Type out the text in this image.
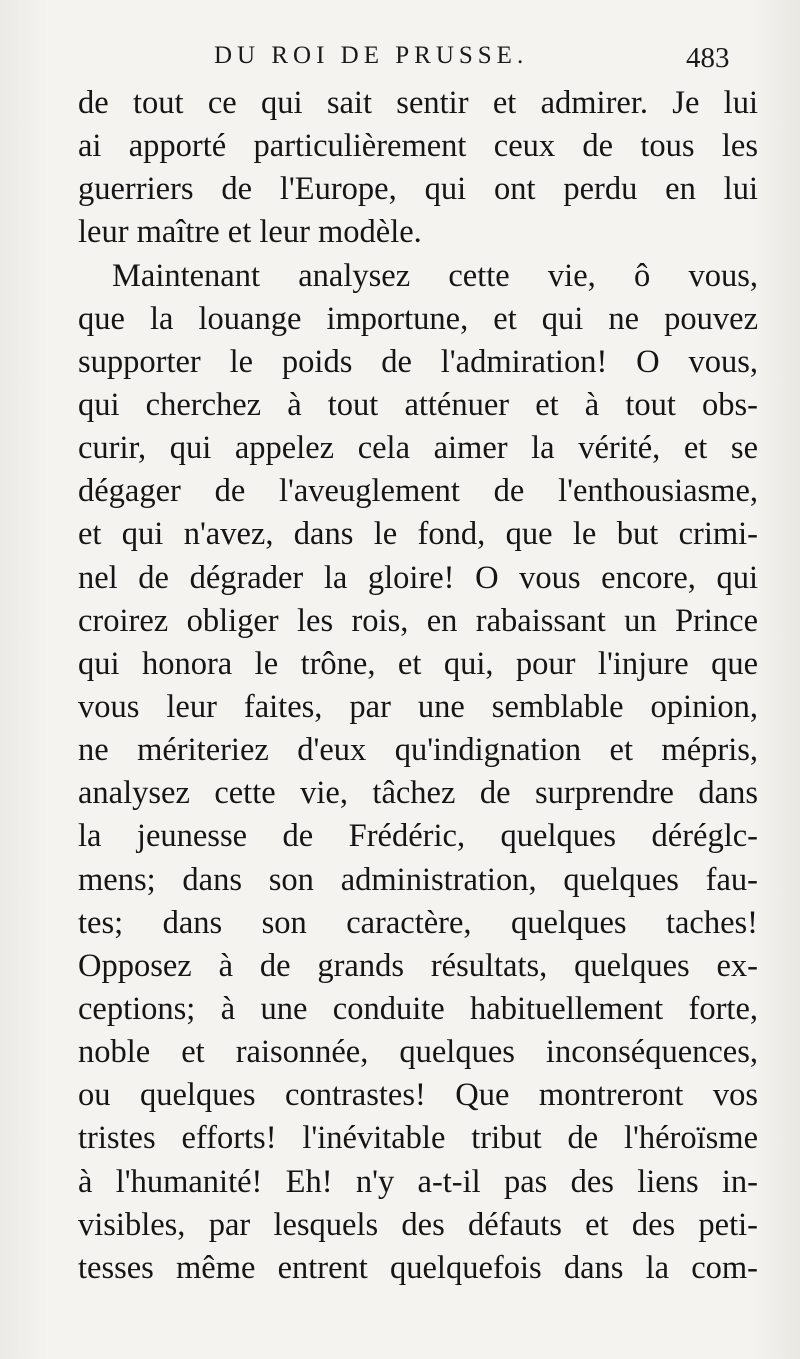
DU ROI DE PRUSSE.	483
de tout ce qui sait sentir et admirer. Je lui
ai apporté particulièrement ceux de tous les
guerriers de l'Europe, qui ont perdu en lui
leur maître et leur modèle.
Maintenant analysez cette vie, ô vous,
que la louange importune, et qui ne pouvez
supporter le poids de l'admiration! O vous,
qui cherchez à tout atténuer et à tout obs-
curir, qui appelez cela aimer la vérité, et se
dégager de l'aveuglement de l'enthousiasme,
et qui n'avez, dans le fond, que le but crimi-
nel de dégrader la gloire! O vous encore, qui
croirez obliger les rois, en rabaissant un Prince
qui honora le trône, et qui, pour l'injure que
vous leur faites, par une semblable opinion,
ne mériteriez d'eux qu'indignation et mépris,
analysez cette vie, tâchez de surprendre dans
la jeunesse de Frédéric, quelques déréglc-
mens; dans son administration, quelques fau-
tes; dans son caractère, quelques taches!
Opposez à de grands résultats, quelques ex-
ceptions; à une conduite habituellement forte,
noble et raisonnée, quelques inconséquences,
ou quelques contrastes! Que montreront vos
tristes efforts! l'inévitable tribut de l'héroïsme
à l'humanité! Eh! n'y a-t-il pas des liens in-
visibles, par lesquels des défauts et des peti-
tesses même entrent quelquefois dans la com-
